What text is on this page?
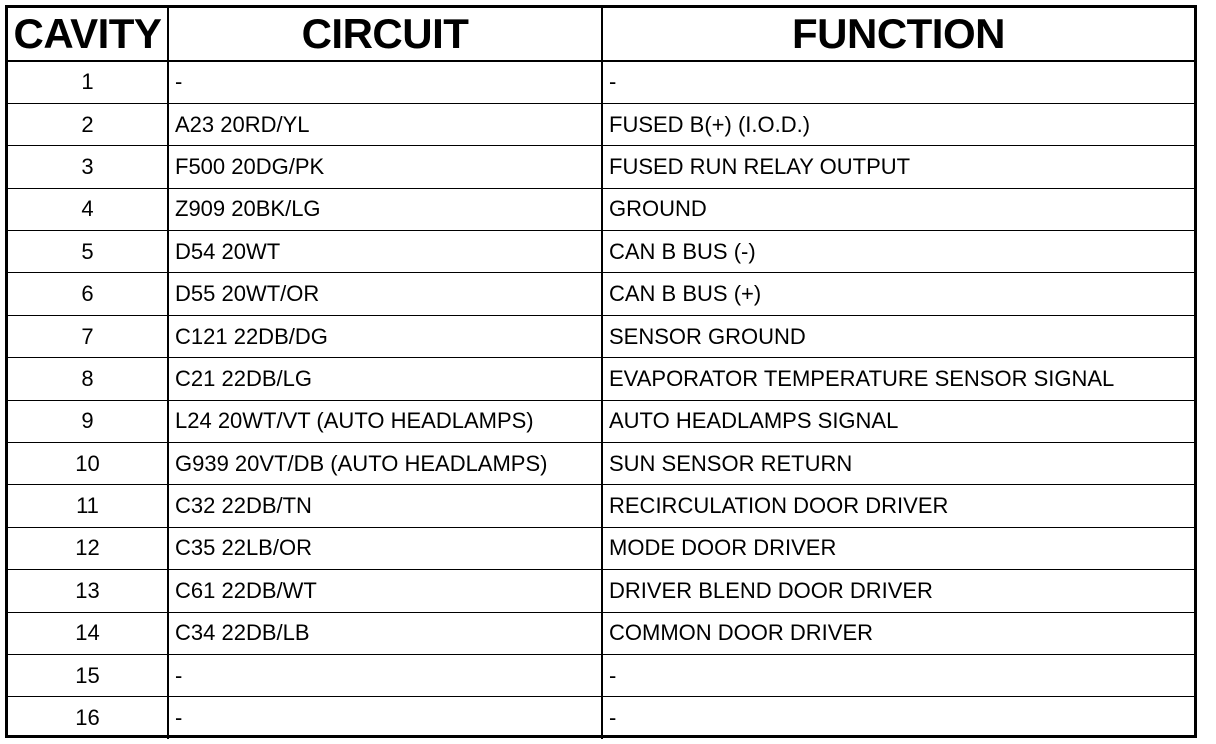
CAVITY	CIRCUIT	FUNCTION
1	-	-
2	A23 20RD/YL	FUSED B(+) (I.O.D.)
3	F500 20DG/PK	FUSED RUN RELAY OUTPUT
4	Z909 20BK/LG	GROUND
5	D54 20WT	CAN B BUS (-)
6	D55 20WT/OR	CAN B BUS (+)
7	C121 22DB/DG	SENSOR GROUND
8	C21 22DB/LG	EVAPORATOR TEMPERATURE SENSOR SIGNAL
9	L24 20WT/VT (AUTO HEADLAMPS)	AUTO HEADLAMPS SIGNAL
10	G939 20VT/DB (AUTO HEADLAMPS)	SUN SENSOR RETURN
11	C32 22DB/TN	RECIRCULATION DOOR DRIVER
12	C35 22LB/OR	MODE DOOR DRIVER
13	C61 22DB/WT	DRIVER BLEND DOOR DRIVER
14	C34 22DB/LB	COMMON DOOR DRIVER
15	-	-
16	-	-
